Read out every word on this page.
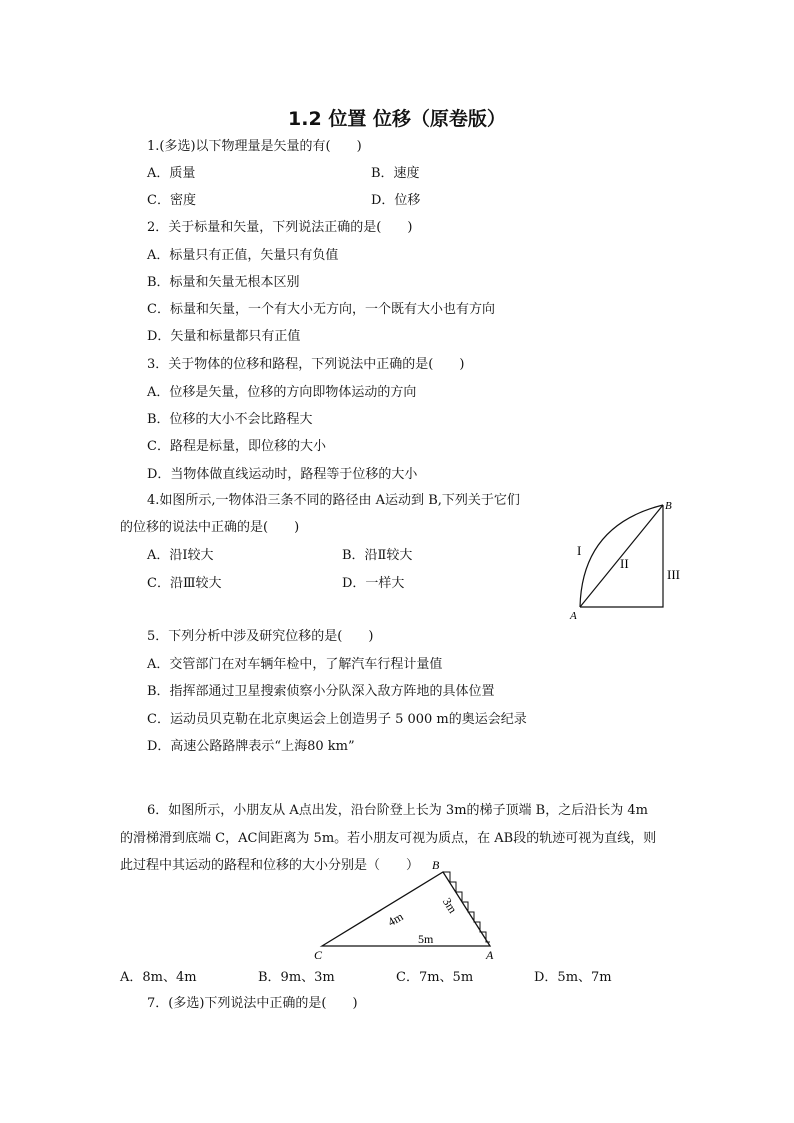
1.2 位置 位移（原卷版）
1.(多选)以下物理量是矢量的有(　　)
A．质量	B．速度
C．密度	D．位移
2．关于标量和矢量，下列说法正确的是(　　)
A．标量只有正值，矢量只有负值
B．标量和矢量无根本区别
C．标量和矢量，一个有大小无方向，一个既有大小也有方向
D．矢量和标量都只有正值
3．关于物体的位移和路程，下列说法中正确的是(　　)
A．位移是矢量，位移的方向即物体运动的方向
B．位移的大小不会比路程大
C．路程是标量，即位移的大小
D．当物体做直线运动时，路程等于位移的大小
4.如图所示,一物体沿三条不同的路径由 A运动到 B,下列关于它们
的位移的说法中正确的是(　　)
A．沿Ⅰ较大	B．沿Ⅱ较大
C．沿Ⅲ较大	D．一样大
B
A
I
II
III
5．下列分析中涉及研究位移的是(　　)
A．交管部门在对车辆年检中，了解汽车行程计量值
B．指挥部通过卫星搜索侦察小分队深入敌方阵地的具体位置
C．运动员贝克勒在北京奥运会上创造男子 5 000 m的奥运会纪录
D．高速公路路牌表示“上海80 km”
6．如图所示，小朋友从 A点出发，沿台阶登上长为 3m的梯子顶端 B，之后沿长为 4m
的滑梯滑到底端 C，AC间距离为 5m。若小朋友可视为质点，在 AB段的轨迹可视为直线，则
此过程中其运动的路程和位移的大小分别是（　　） B
C	A
4m
3m
5m
A．8m、4m	B．9m、3m	C．7m、5m	D．5m、7m
7．(多选)下列说法中正确的是(　　)
